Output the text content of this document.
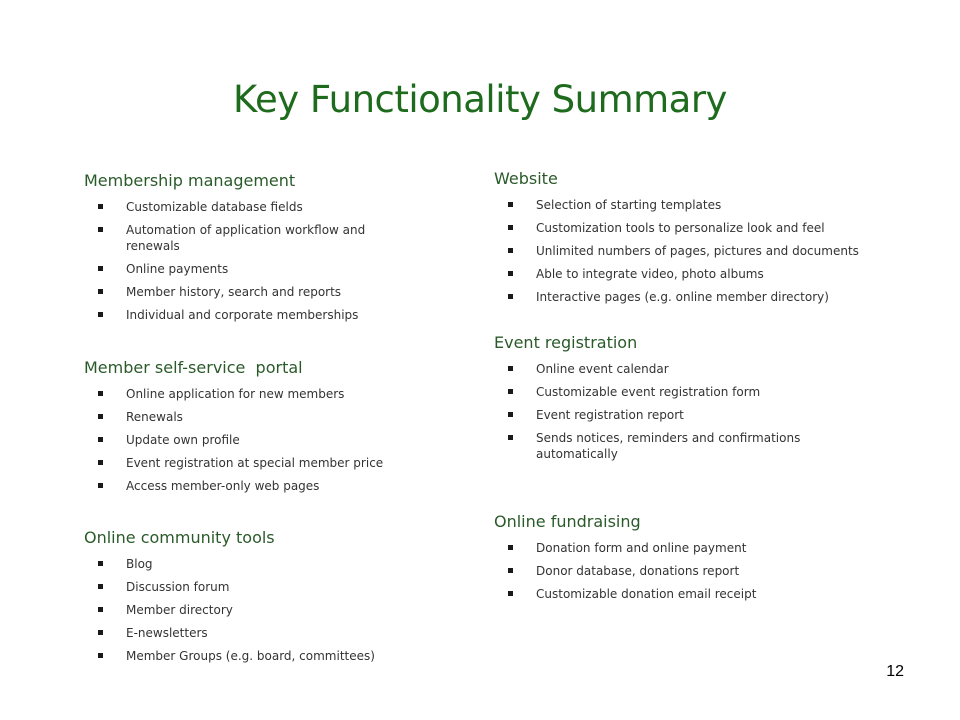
Key Functionality Summary
Membership management
Customizable database fields
Automation of application workflow and renewals
Online payments
Member history, search and reports
Individual and corporate memberships
Member self-service  portal
Online application for new members
Renewals
Update own profile
Event registration at special member price
Access member-only web pages
Online community tools
Blog
Discussion forum
Member directory
E-newsletters
Member Groups (e.g. board, committees)
Website
Selection of starting templates
Customization tools to personalize look and feel
Unlimited numbers of pages, pictures and documents
Able to integrate video, photo albums
Interactive pages (e.g. online member directory)
Event registration
Online event calendar
Customizable event registration form
Event registration report
Sends notices, reminders and confirmations automatically
Online fundraising
Donation form and online payment
Donor database, donations report
Customizable donation email receipt
12
